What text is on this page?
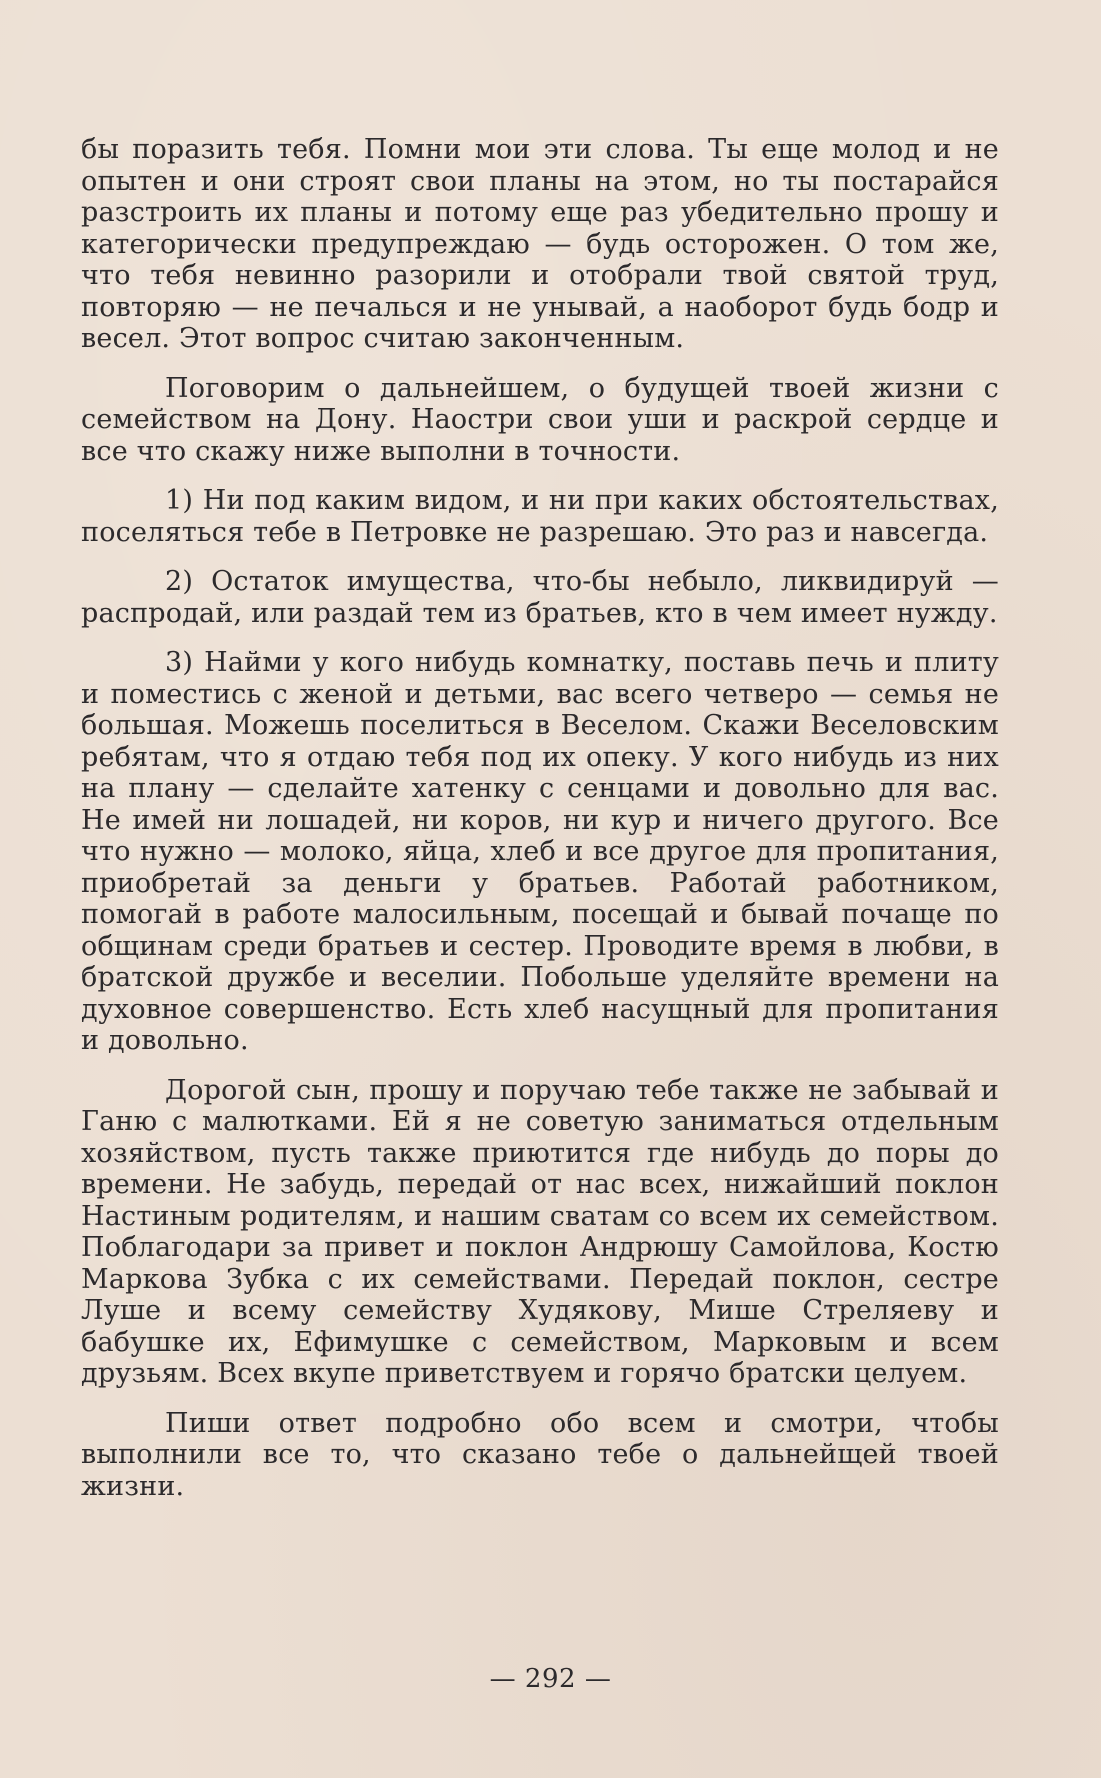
бы поразить тебя. Помни мои эти слова. Ты еще молод и не опытен и они строят свои планы на этом, но ты постарайся разстроить их планы и потому еще раз убедительно прошу и категорически предупреждаю — будь осторожен. О том же, что тебя невинно разорили и отобрали твой святой труд, повторяю — не печалься и не унывай, а наоборот будь бодр и весел. Этот вопрос считаю законченным.

Поговорим о дальнейшем, о будущей твоей жизни с семейством на Дону. Наостри свои уши и раскрой сердце и все что скажу ниже выполни в точности.

1) Ни под каким видом, и ни при каких обстоятельствах, поселяться тебе в Петровке не разрешаю. Это раз и навсегда.

2) Остаток имущества, что-бы небыло, ликвидируй — распродай, или раздай тем из братьев, кто в чем имеет нужду.

3) Найми у кого нибудь комнатку, поставь печь и плиту и поместись с женой и детьми, вас всего четверо — семья не большая. Можешь поселиться в Веселом. Скажи Веселовским ребятам, что я отдаю тебя под их опеку. У кого нибудь из них на плану — сделайте хатенку с сенцами и довольно для вас. Не имей ни лошадей, ни коров, ни кур и ничего другого. Все что нужно — молоко, яйца, хлеб и все другое для пропитания, приобретай за деньги у братьев. Работай работником, помогай в работе малосильным, посещай и бывай почаще по общинам среди братьев и сестер. Проводите время в любви, в братской дружбе и веселии. Побольше уделяйте времени на духовное совершенство. Есть хлеб насущный для пропитания и довольно.

Дорогой сын, прошу и поручаю тебе также не забывай и Ганю с малютками. Ей я не советую заниматься отдельным хозяйством, пусть также приютится где нибудь до поры до времени. Не забудь, передай от нас всех, нижайший поклон Настиным родителям, и нашим сватам со всем их семейством. Поблагодари за привет и поклон Андрюшу Самойлова, Костю Маркова Зубка с их семействами. Передай поклон, сестре Луше и всему семейству Худякову, Мише Стреляеву и бабушке их, Ефимушке с семейством, Марковым и всем друзьям. Всех вкупе приветствуем и горячо братски целуем.

Пиши ответ подробно обо всем и смотри, чтобы выполнили все то, что сказано тебе о дальнейщей твоей жизни.

— 292 —
